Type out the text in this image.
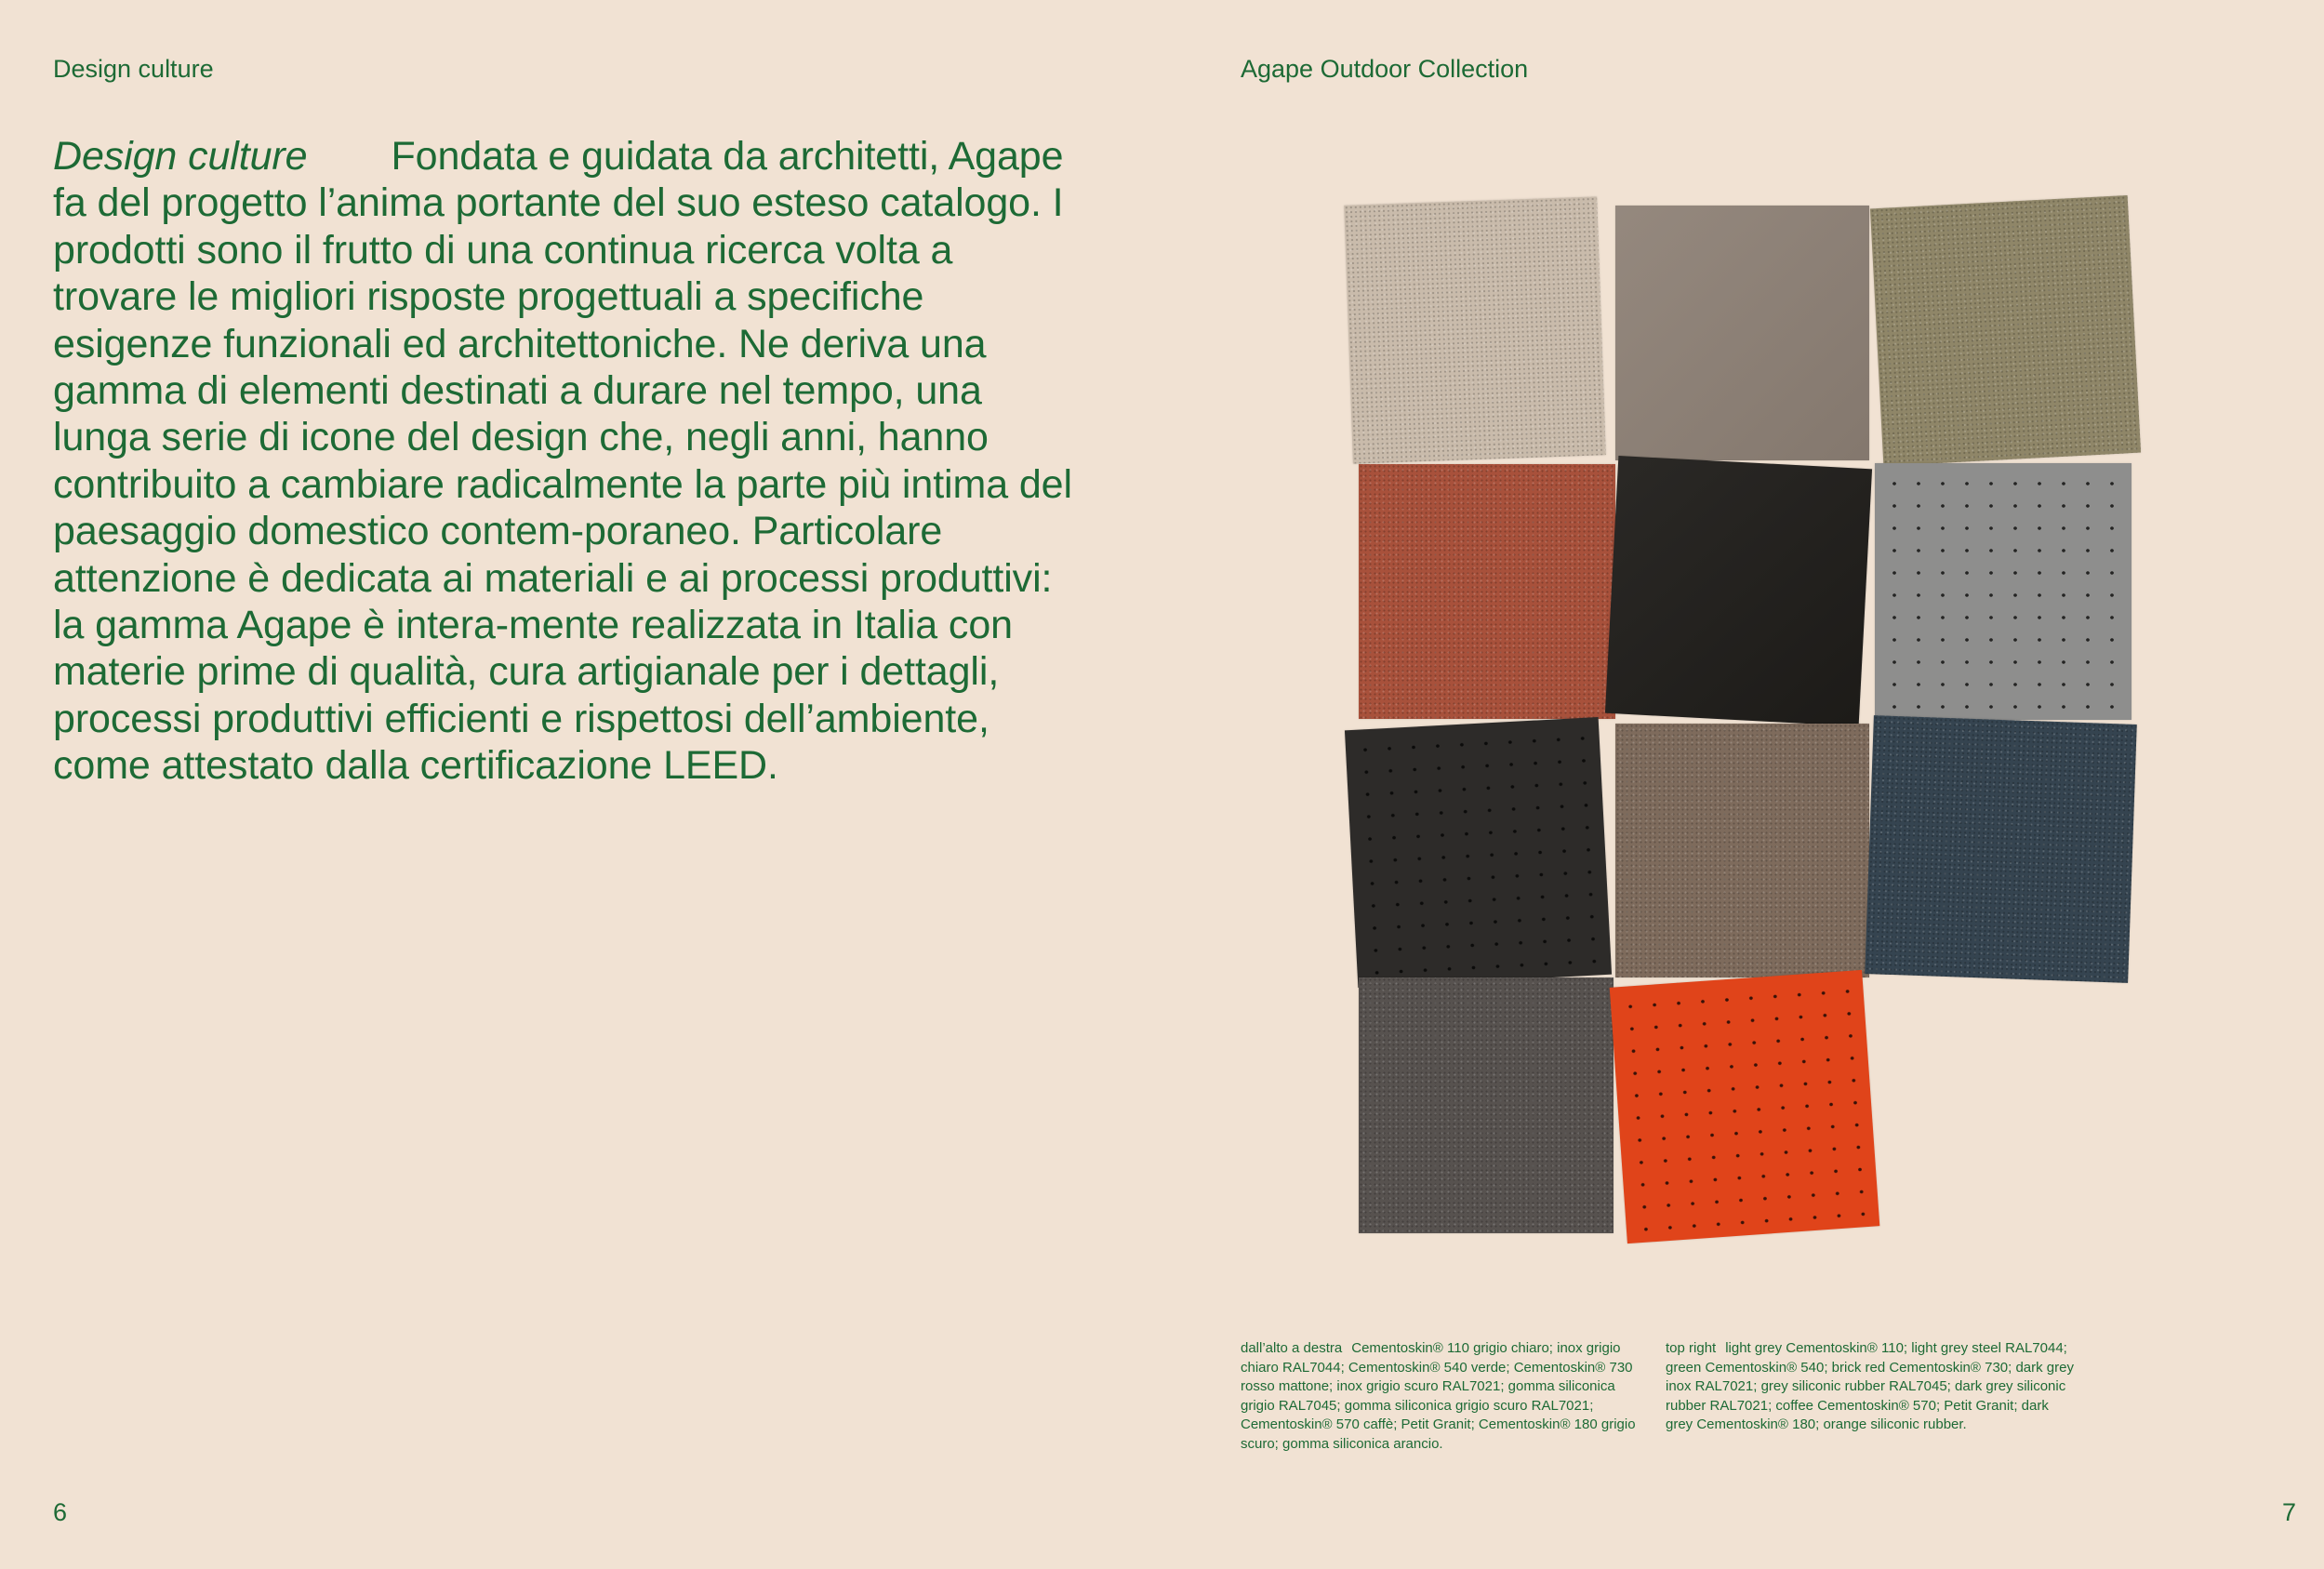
Design culture
Design culture Fondata e guidata da architetti, Agape fa del progetto l’anima portante del suo esteso catalogo. I prodotti sono il frutto di una continua ricerca volta a trovare le migliori risposte progettuali a specifiche esigenze funzionali ed architettoniche. Ne deriva una gamma di elementi destinati a durare nel tempo, una lunga serie di icone del design che, negli anni, hanno contribuito a cambiare radicalmente la parte più intima del paesaggio domestico contem-poraneo. Particolare attenzione è dedicata ai materiali e ai processi produttivi: la gamma Agape è intera-mente realizzata in Italia con materie prime di qualità, cura artigianale per i dettagli, processi produttivi efficienti e rispettosi dell’ambiente, come attestato dalla certificazione LEED.
6
Agape Outdoor Collection
dall’alto a destra Cementoskin® 110 grigio chiaro; inox grigio chiaro RAL7044; Cementoskin® 540 verde; Cementoskin® 730 rosso mattone; inox grigio scuro RAL7021; gomma siliconica grigio RAL7045; gomma siliconica grigio scuro RAL7021; Cementoskin® 570 caffè; Petit Granit; Cementoskin® 180 grigio scuro; gomma siliconica arancio.
top right light grey Cementoskin® 110; light grey steel RAL7044; green Cementoskin® 540; brick red Cementoskin® 730; dark grey inox RAL7021; grey siliconic rubber RAL7045; dark grey siliconic rubber RAL7021; coffee Cementoskin® 570; Petit Granit; dark grey Cementoskin® 180; orange siliconic rubber.
7
